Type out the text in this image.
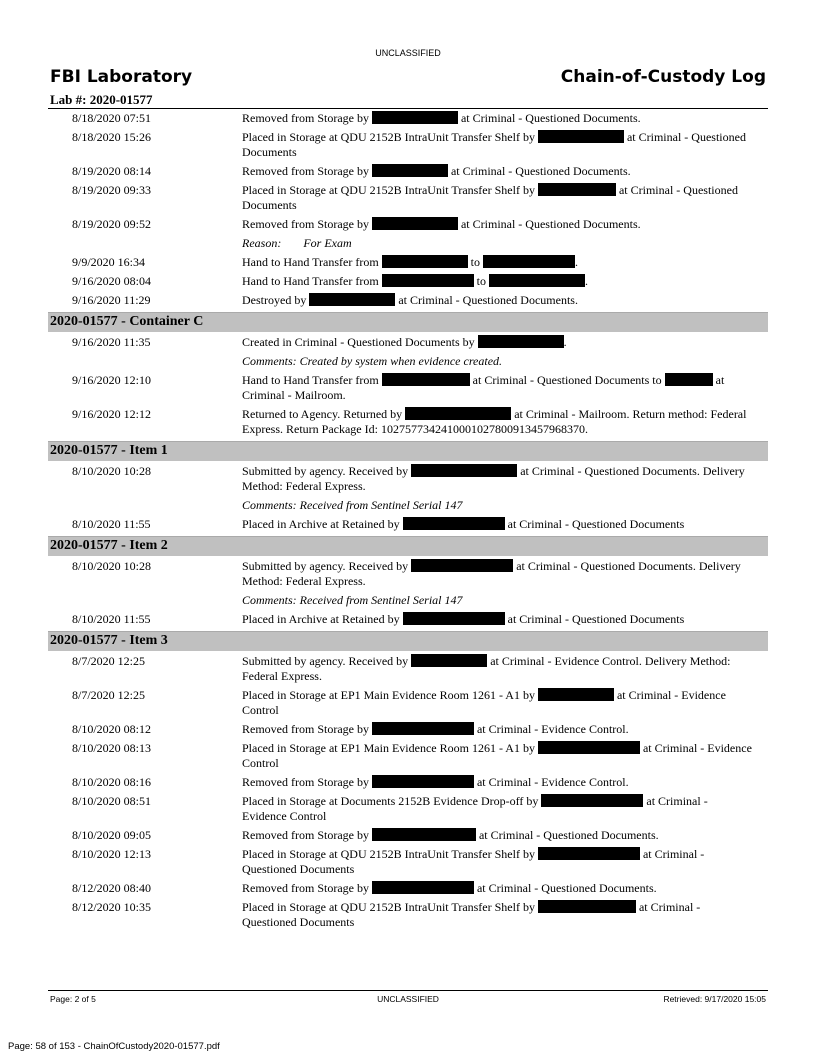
UNCLASSIFIED
FBI Laboratory	Chain-of-Custody Log
Lab #: 2020-01577
8/18/2020 07:51	Removed from Storage by	at Criminal - Questioned Documents.
8/18/2020 15:26	Placed in Storage at QDU 2152B IntraUnit Transfer Shelf by	at Criminal - Questioned Documents
8/19/2020 08:14	Removed from Storage by	at Criminal - Questioned Documents.
8/19/2020 09:33	Placed in Storage at QDU 2152B IntraUnit Transfer Shelf by	at Criminal - Questioned Documents
8/19/2020 09:52	Removed from Storage by	at Criminal - Questioned Documents.
Reason: For Exam
9/9/2020 16:34	Hand to Hand Transfer from	to	.
9/16/2020 08:04	Hand to Hand Transfer from	to	.
9/16/2020 11:29	Destroyed by	at Criminal - Questioned Documents.
2020-01577 - Container C
9/16/2020 11:35	Created in Criminal - Questioned Documents by	.
Comments: Created by system when evidence created.
9/16/2020 12:10	Hand to Hand Transfer from	at Criminal - Questioned Documents to	at Criminal - Mailroom.
9/16/2020 12:12	Returned to Agency. Returned by	at Criminal - Mailroom. Return method: Federal Express. Return Package Id: 1027577342410001027800913457968370.
2020-01577 - Item 1
8/10/2020 10:28	Submitted by agency. Received by	at Criminal - Questioned Documents. Delivery Method: Federal Express.
Comments: Received from Sentinel Serial 147
8/10/2020 11:55	Placed in Archive at Retained by	at Criminal - Questioned Documents
2020-01577 - Item 2
8/10/2020 10:28	Submitted by agency. Received by	at Criminal - Questioned Documents. Delivery Method: Federal Express.
Comments: Received from Sentinel Serial 147
8/10/2020 11:55	Placed in Archive at Retained by	at Criminal - Questioned Documents
2020-01577 - Item 3
8/7/2020 12:25	Submitted by agency. Received by	at Criminal - Evidence Control. Delivery Method: Federal Express.
8/7/2020 12:25	Placed in Storage at EP1 Main Evidence Room 1261 - A1 by	at Criminal - Evidence Control
8/10/2020 08:12	Removed from Storage by	at Criminal - Evidence Control.
8/10/2020 08:13	Placed in Storage at EP1 Main Evidence Room 1261 - A1 by	at Criminal - Evidence Control
8/10/2020 08:16	Removed from Storage by	at Criminal - Evidence Control.
8/10/2020 08:51	Placed in Storage at Documents 2152B Evidence Drop-off by	at Criminal - Evidence Control
8/10/2020 09:05	Removed from Storage by	at Criminal - Questioned Documents.
8/10/2020 12:13	Placed in Storage at QDU 2152B IntraUnit Transfer Shelf by	at Criminal - Questioned Documents
8/12/2020 08:40	Removed from Storage by	at Criminal - Questioned Documents.
8/12/2020 10:35	Placed in Storage at QDU 2152B IntraUnit Transfer Shelf by	at Criminal - Questioned Documents
Page: 2 of 5	UNCLASSIFIED	Retrieved: 9/17/2020 15:05
Page: 58 of 153 - ChainOfCustody2020-01577.pdf
